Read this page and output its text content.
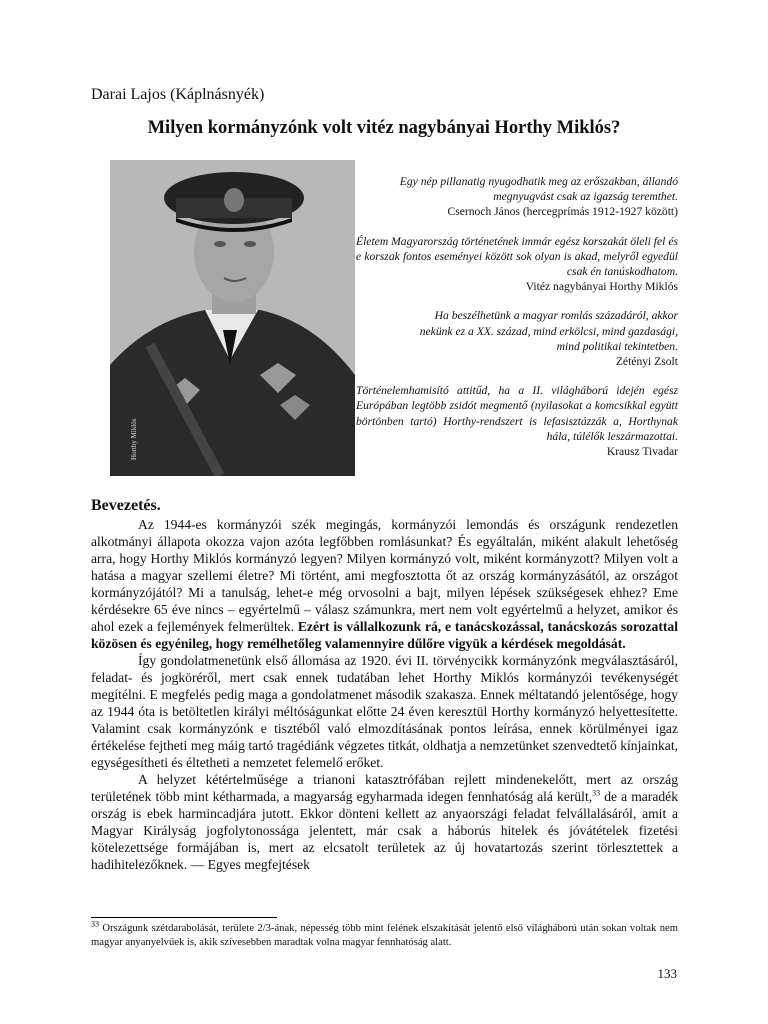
Darai Lajos (Káplnásnyék)
Milyen kormányzónk volt vitéz nagybányai Horthy Miklós?
Horthy Miklós
Egy nép pillanatig nyugodhatik meg az erőszakban, állandó megnyugvást csak az igazság teremthet.
Csernoch János (hercegprímás 1912-1927 között)
Életem Magyarország történetének immár egész korszakát öleli fel és e korszak fontos eseményei között sok olyan is akad, melyről egyedül csak én tanúskodhatom.
Vitéz nagybányai Horthy Miklós
Ha beszélhetünk a magyar romlás századáról, akkor nekünk ez a XX. század, mind erkölcsi, mind gazdasági, mind politikai tekintetben.
Zétényi Zsolt
Történelemhamisító attitűd, ha a II. világháború idején egész Európában legtöbb zsidót megmentő (nyilasokat a komcsikkal együtt börtönben tartó) Horthy-rendszert is lefasisztázzák a, Horthynak hála, túlélők leszármazottai.
Krausz Tivadar
Bevezetés.

Az 1944-es kormányzói szék megingás, kormányzói lemondás és országunk rendezetlen alkotmányi állapota okozza vajon azóta legfőbben romlásunkat? És egyáltalán, miként alakult lehetőség arra, hogy Horthy Miklós kormányzó legyen? Milyen kormányzó volt, miként kormányzott? Milyen volt a hatása a magyar szellemi életre? Mi történt, ami megfosztotta őt az ország kormányzásától, az országot kormányzójától? Mi a tanulság, lehet-e még orvosolni a bajt, milyen lépések szükségesek ehhez? Eme kérdésekre 65 éve nincs – egyértelmű – válasz számunkra, mert nem volt egyértelmű a helyzet, amikor és ahol ezek a fejlemények felmerültek. Ezért is vállalkozunk rá, e tanácskozással, tanácskozás sorozattal közösen és egyénileg, hogy remélhetőleg valamennyire dűlőre vigyük a kérdések megoldását.

Így gondolatmenetünk első állomása az 1920. évi II. törvénycikk kormányzónk megválasztásáról, feladat- és jogköréről, mert csak ennek tudatában lehet Horthy Miklós kormányzói tevékenységét megítélni. E megfelés pedig maga a gondolatmenet második szakasza. Ennek méltatandó jelentősége, hogy az 1944 óta is betöltetlen királyi méltóságunkat előtte 24 éven keresztül Horthy kormányzó helyettesítette. Valamint csak kormányzónk e tisztéből való elmozdításának pontos leírása, ennek körülményei igaz értékelése fejtheti meg máig tartó tragédiánk végzetes titkát, oldhatja a nemzetünket szenvedtető kínjainkat, egységesítheti és éltetheti a nemzetet felemelő erőket.

A helyzet kétértelműsége a trianoni katasztrófában rejlett mindenekelőtt, mert az ország területének több mint kétharmada, a magyarság egyharmada idegen fennhatóság alá került,$^{33}$ de a maradék ország is ebek harmincadjára jutott. Ekkor dönteni kellett az anyaországi feladat felvállalásáról, amit a Magyar Királyság jogfolytonossága jelentett, már csak a háborús hitelek és jóvátételek fizetési kötelezettsége formájában is, mert az elcsatolt területek az új hovatartozás szerint törlesztettek a hadihitelezőknek. — Egyes megfejtések

$^{33}$ Országunk szétdarabolását, területe 2/3-ának, népesség több mint felének elszakítását jelentő első világháború után sokan voltak nem magyar anyanyelvűek is, akik szívesebben maradtak volna magyar fennhatóság alatt.
133
